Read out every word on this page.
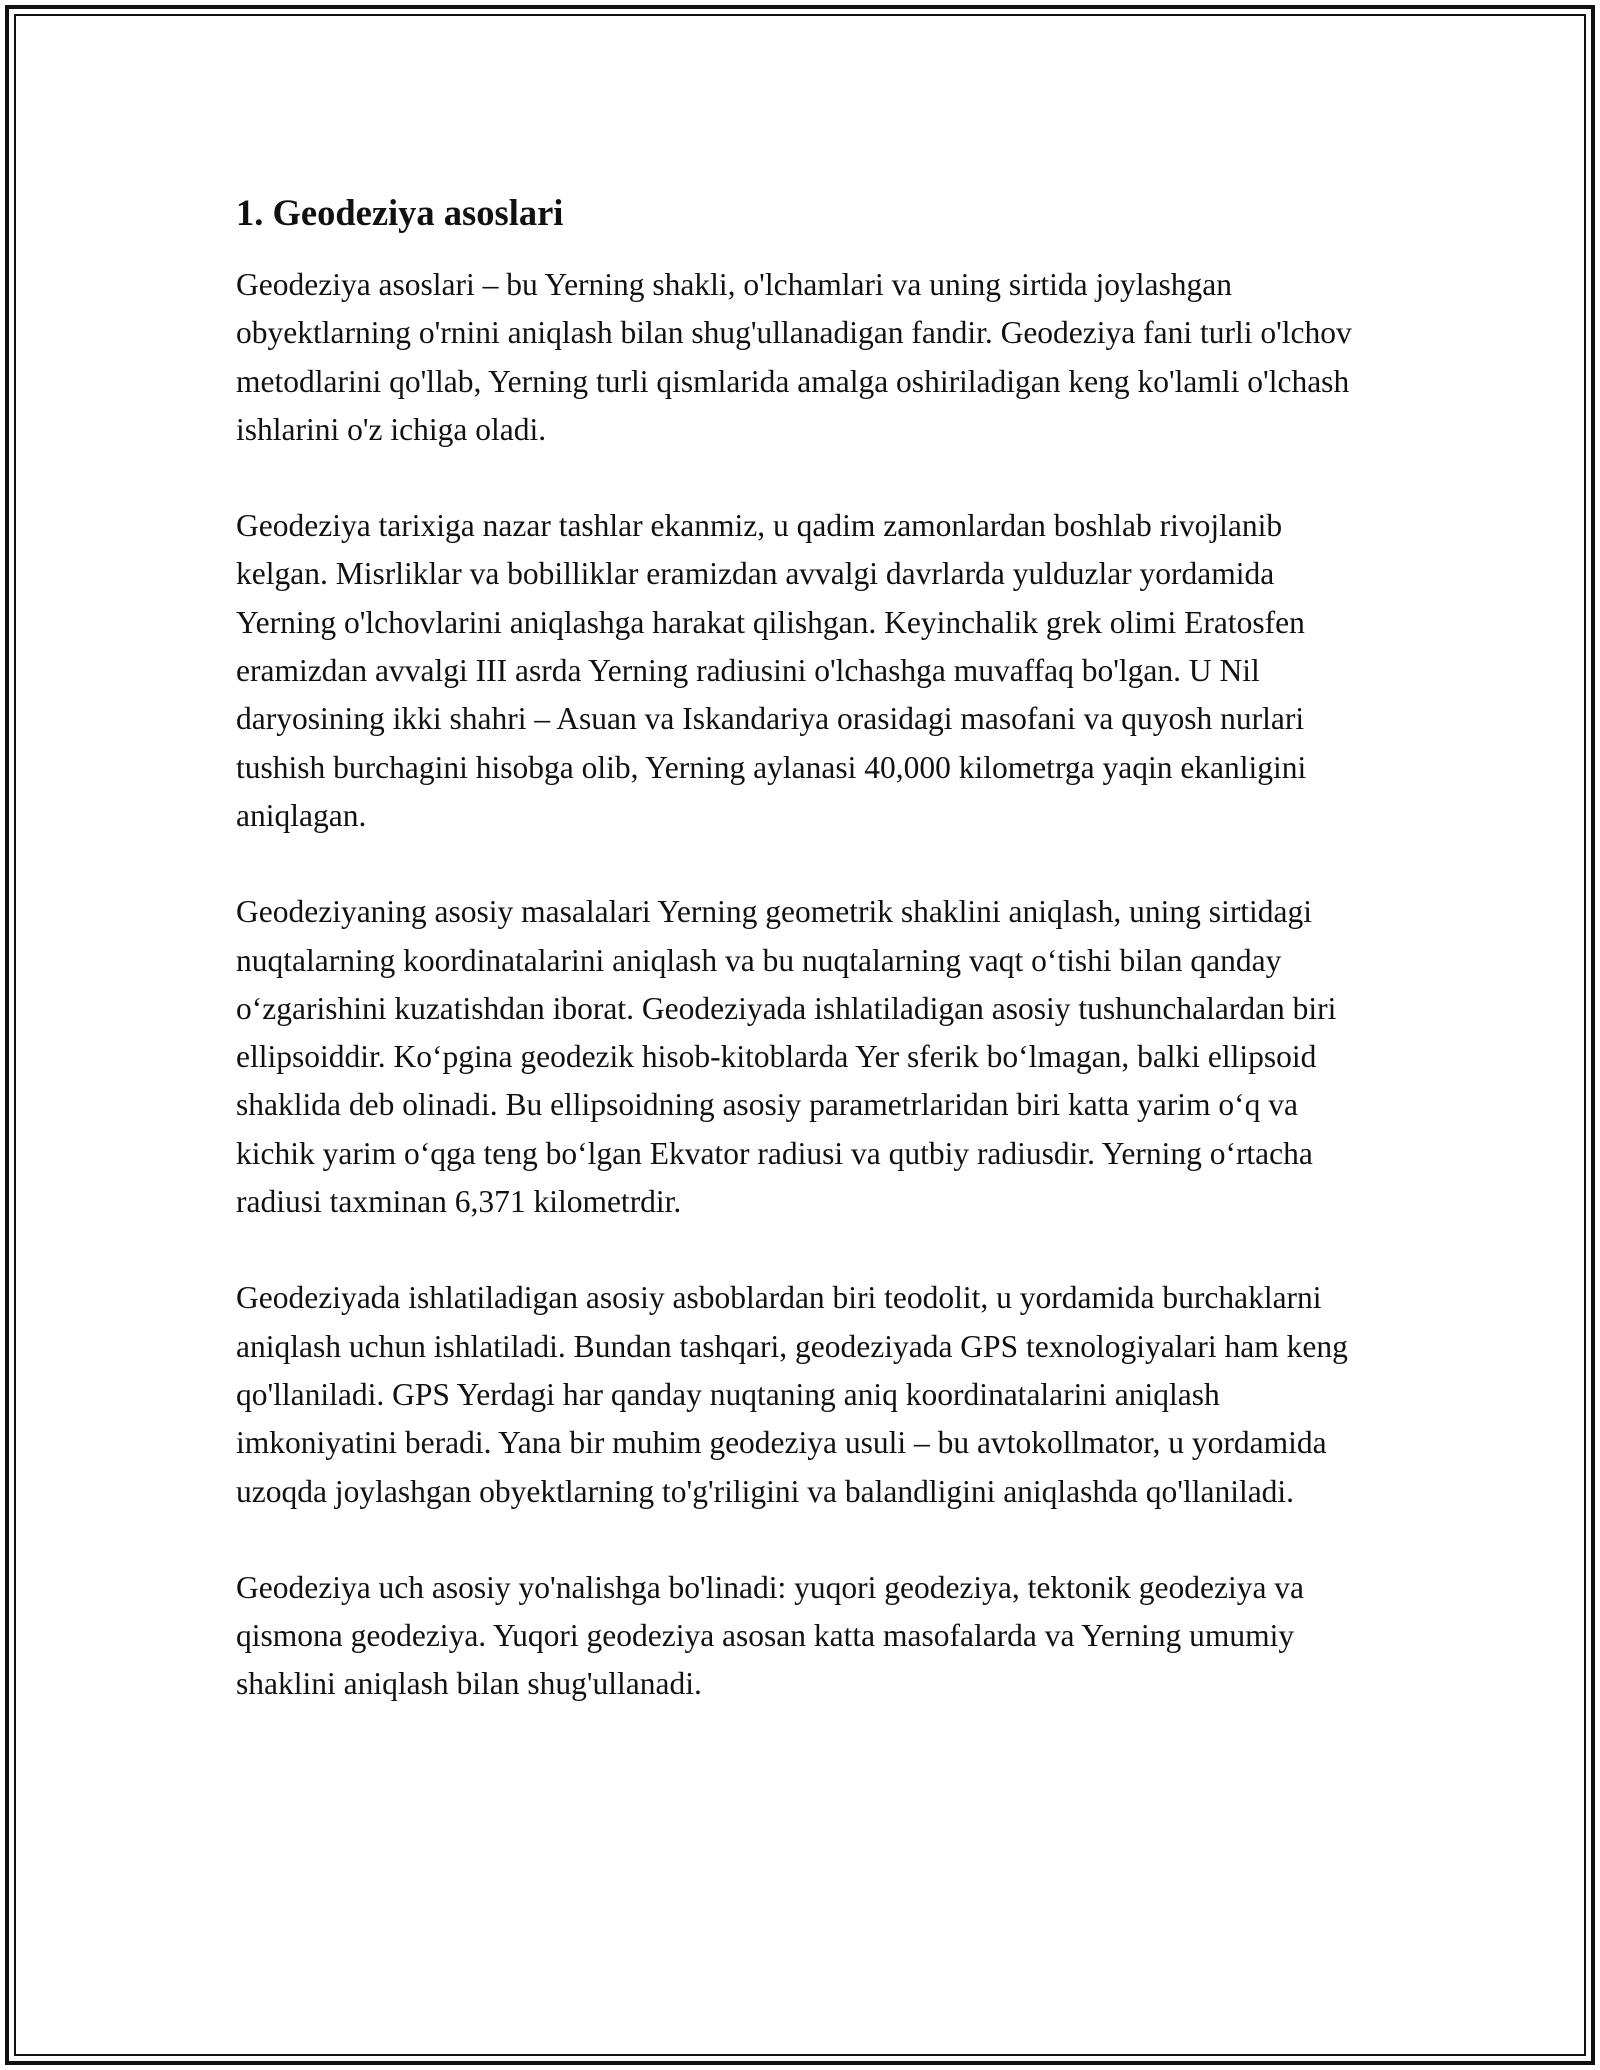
1. Geodeziya asoslari

Geodeziya asoslari – bu Yerning shakli, o'lchamlari va uning sirtida joylashgan obyektlarning o'rnini aniqlash bilan shug'ullanadigan fandir. Geodeziya fani turli o'lchov metodlarini qo'llab, Yerning turli qismlarida amalga oshiriladigan keng ko'lamli o'lchash ishlarini o'z ichiga oladi.

Geodeziya tarixiga nazar tashlar ekanmiz, u qadim zamonlardan boshlab rivojlanib kelgan. Misrliklar va bobilliklar eramizdan avvalgi davrlarda yulduzlar yordamida Yerning o'lchovlarini aniqlashga harakat qilishgan. Keyinchalik grek olimi Eratosfen eramizdan avvalgi III asrda Yerning radiusini o'lchashga muvaffaq bo'lgan. U Nil daryosining ikki shahri – Asuan va Iskandariya orasidagi masofani va quyosh nurlari tushish burchagini hisobga olib, Yerning aylanasi 40,000 kilometrga yaqin ekanligini aniqlagan.

Geodeziyaning asosiy masalalari Yerning geometrik shaklini aniqlash, uning sirtidagi nuqtalarning koordinatalarini aniqlash va bu nuqtalarning vaqt o‘tishi bilan qanday o‘zgarishini kuzatishdan iborat. Geodeziyada ishlatiladigan asosiy tushunchalardan biri ellipsoiddir. Ko‘pgina geodezik hisob-kitoblarda Yer sferik bo‘lmagan, balki ellipsoid shaklida deb olinadi. Bu ellipsoidning asosiy parametrlaridan biri katta yarim o‘q va kichik yarim o‘qga teng bo‘lgan Ekvator radiusi va qutbiy radiusdir. Yerning o‘rtacha radiusi taxminan 6,371 kilometrdir.

Geodeziyada ishlatiladigan asosiy asboblardan biri teodolit, u yordamida burchaklarni aniqlash uchun ishlatiladi. Bundan tashqari, geodeziyada GPS texnologiyalari ham keng qo'llaniladi. GPS Yerdagi har qanday nuqtaning aniq koordinatalarini aniqlash imkoniyatini beradi. Yana bir muhim geodeziya usuli – bu avtokollmator, u yordamida uzoqda joylashgan obyektlarning to'g'riligini va balandligini aniqlashda qo'llaniladi.

Geodeziya uch asosiy yo'nalishga bo'linadi: yuqori geodeziya, tektonik geodeziya va qismona geodeziya. Yuqori geodeziya asosan katta masofalarda va Yerning umumiy shaklini aniqlash bilan shug'ullanadi.
